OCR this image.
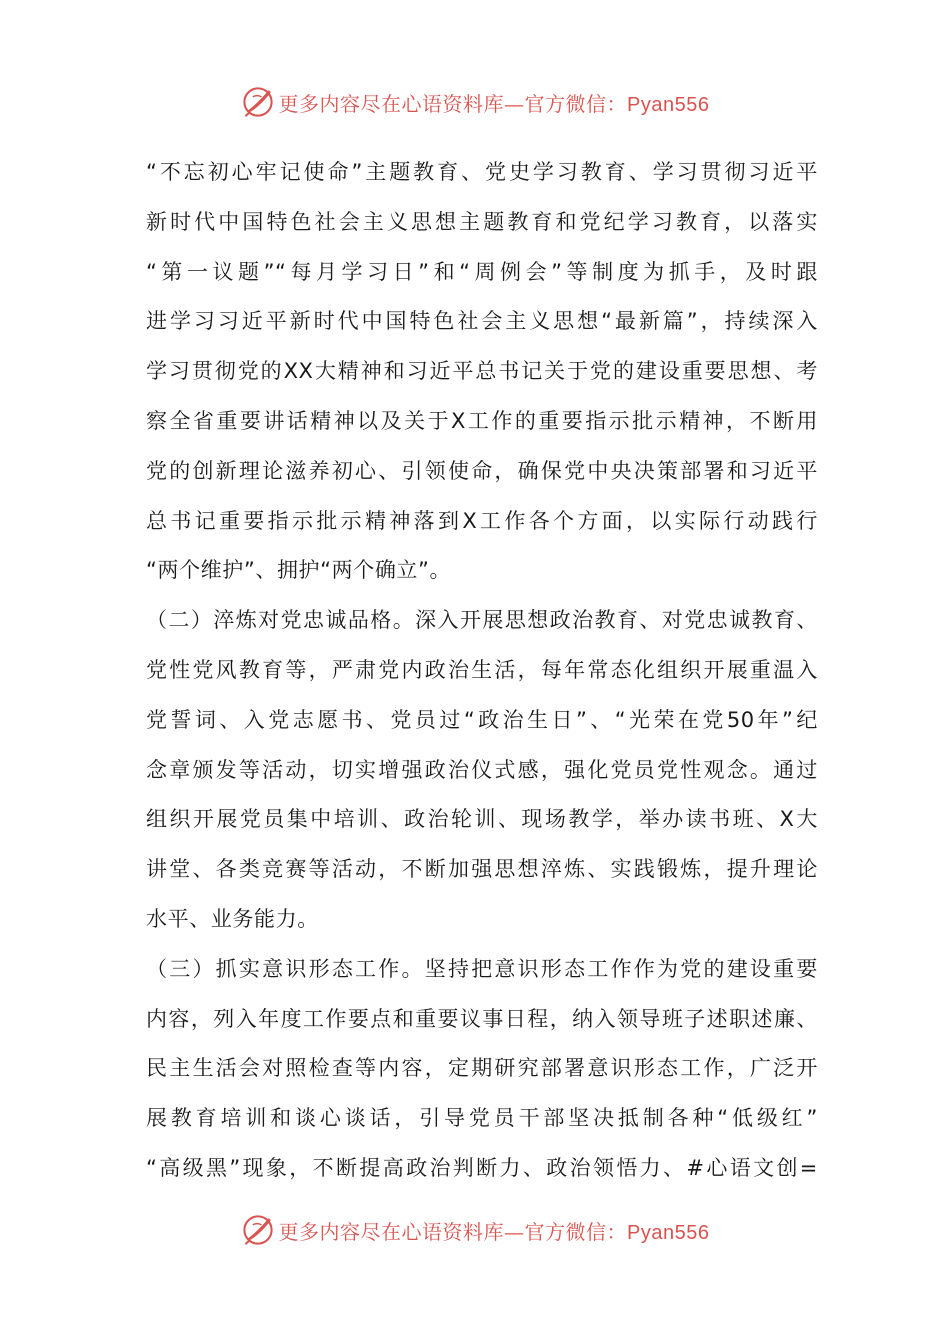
更多内容尽在心语资料库—官方微信：Pyan556
“不忘初心牢记使命”主题教育、党史学习教育、学习贯彻习近平
新时代中国特色社会主义思想主题教育和党纪学习教育，以落实
“第一议题”“每月学习日”和“周例会”等制度为抓手，及时跟
进学习习近平新时代中国特色社会主义思想“最新篇”，持续深入
学习贯彻党的XX大精神和习近平总书记关于党的建设重要思想、考
察全省重要讲话精神以及关于X工作的重要指示批示精神，不断用
党的创新理论滋养初心、引领使命，确保党中央决策部署和习近平
总书记重要指示批示精神落到X工作各个方面，以实际行动践行
“两个维护”、拥护“两个确立”。
（二）淬炼对党忠诚品格。深入开展思想政治教育、对党忠诚教育、
党性党风教育等，严肃党内政治生活，每年常态化组织开展重温入
党誓词、入党志愿书、党员过“政治生日”、“光荣在党50年”纪
念章颁发等活动，切实增强政治仪式感，强化党员党性观念。通过
组织开展党员集中培训、政治轮训、现场教学，举办读书班、X大
讲堂、各类竞赛等活动，不断加强思想淬炼、实践锻炼，提升理论
水平、业务能力。
（三）抓实意识形态工作。坚持把意识形态工作作为党的建设重要
内容，列入年度工作要点和重要议事日程，纳入领导班子述职述廉、
民主生活会对照检查等内容，定期研究部署意识形态工作，广泛开
展教育培训和谈心谈话，引导党员干部坚决抵制各种“低级红”
“高级黑”现象，不断提高政治判断力、政治领悟力、#心语文创=
更多内容尽在心语资料库—官方微信：Pyan556
